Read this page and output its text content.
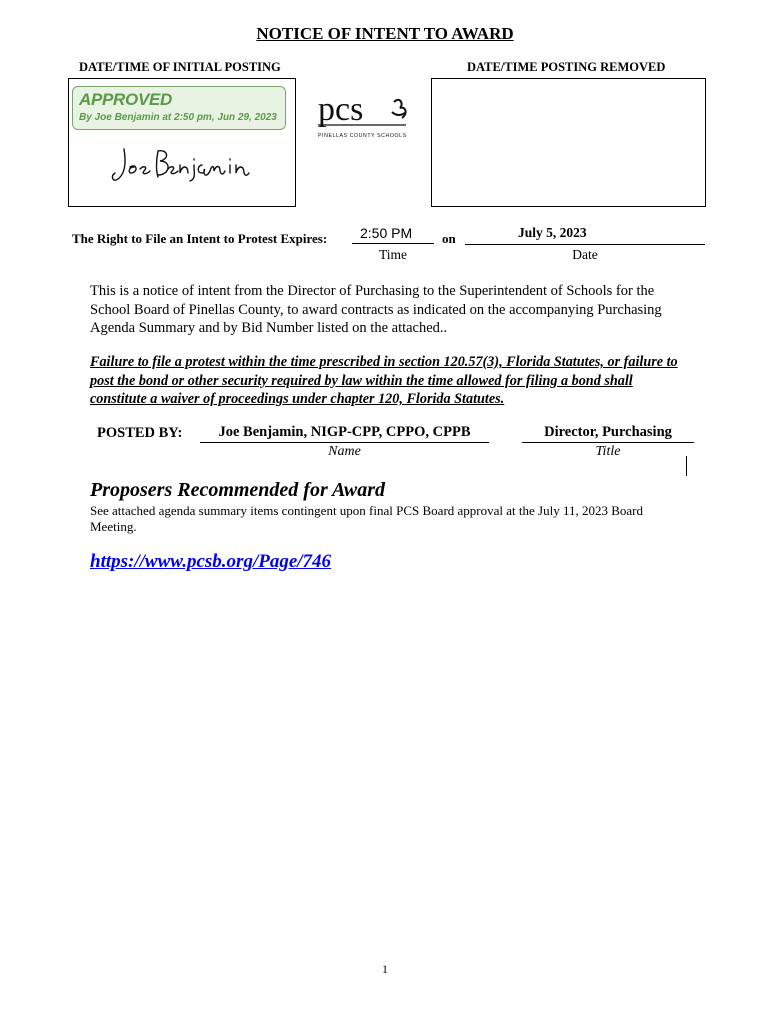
NOTICE OF INTENT TO AWARD
DATE/TIME OF INITIAL POSTING	DATE/TIME POSTING REMOVED
APPROVED
By Joe Benjamin at 2:50 pm, Jun 29, 2023 pcs
PINELLAS COUNTY SCHOOLS
The Right to File an Intent to Protest Expires: 2:50 PM on	July 5, 2023
Time	Date
This is a notice of intent from the Director of Purchasing to the Superintendent of Schools for the School Board of Pinellas County, to award contracts as indicated on the accompanying Purchasing Agenda Summary and by Bid Number listed on the attached..
Failure to file a protest within the time prescribed in section 120.57(3), Florida Statutes, or failure to post the bond or other security required by law within the time allowed for filing a bond shall constitute a waiver of proceedings under chapter 120, Florida Statutes.
POSTED BY:	Joe Benjamin, NIGP-CPP, CPPO, CPPB	Director, Purchasing
Name	Title
Proposers Recommended for Award
See attached agenda summary items contingent upon final PCS Board approval at the July 11, 2023 Board Meeting.
https://www.pcsb.org/Page/746
1
